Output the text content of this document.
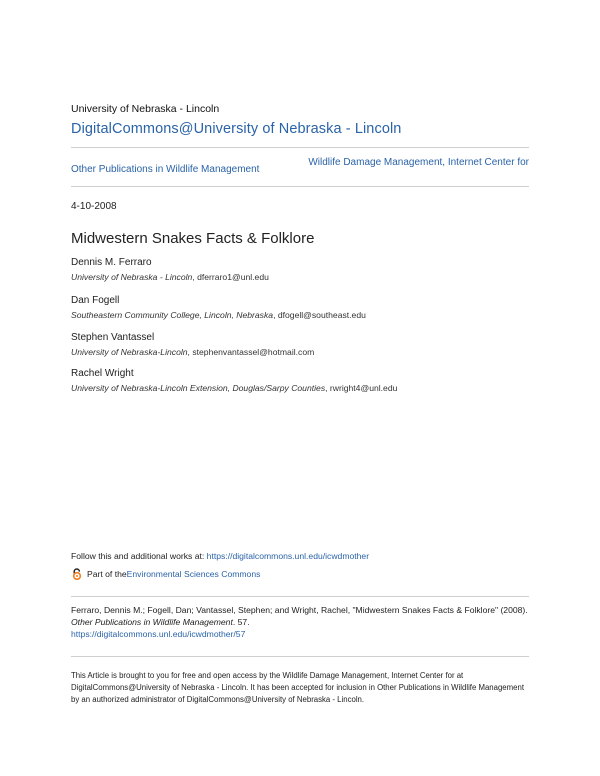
University of Nebraska - Lincoln
DigitalCommons@University of Nebraska - Lincoln
Other Publications in Wildlife Management
Wildlife Damage Management, Internet Center for
4-10-2008
Midwestern Snakes Facts & Folklore
Dennis M. Ferraro
University of Nebraska - Lincoln, dferraro1@unl.edu
Dan Fogell
Southeastern Community College, Lincoln, Nebraska, dfogell@southeast.edu
Stephen Vantassel
University of Nebraska-Lincoln, stephenvantassel@hotmail.com
Rachel Wright
University of Nebraska-Lincoln Extension, Douglas/Sarpy Counties, rwright4@unl.edu
Follow this and additional works at: https://digitalcommons.unl.edu/icwdmother
Part of the Environmental Sciences Commons
Ferraro, Dennis M.; Fogell, Dan; Vantassel, Stephen; and Wright, Rachel, "Midwestern Snakes Facts & Folklore" (2008). Other Publications in Wildlife Management. 57.
https://digitalcommons.unl.edu/icwdmother/57
This Article is brought to you for free and open access by the Wildlife Damage Management, Internet Center for at DigitalCommons@University of Nebraska - Lincoln. It has been accepted for inclusion in Other Publications in Wildlife Management by an authorized administrator of DigitalCommons@University of Nebraska - Lincoln.
